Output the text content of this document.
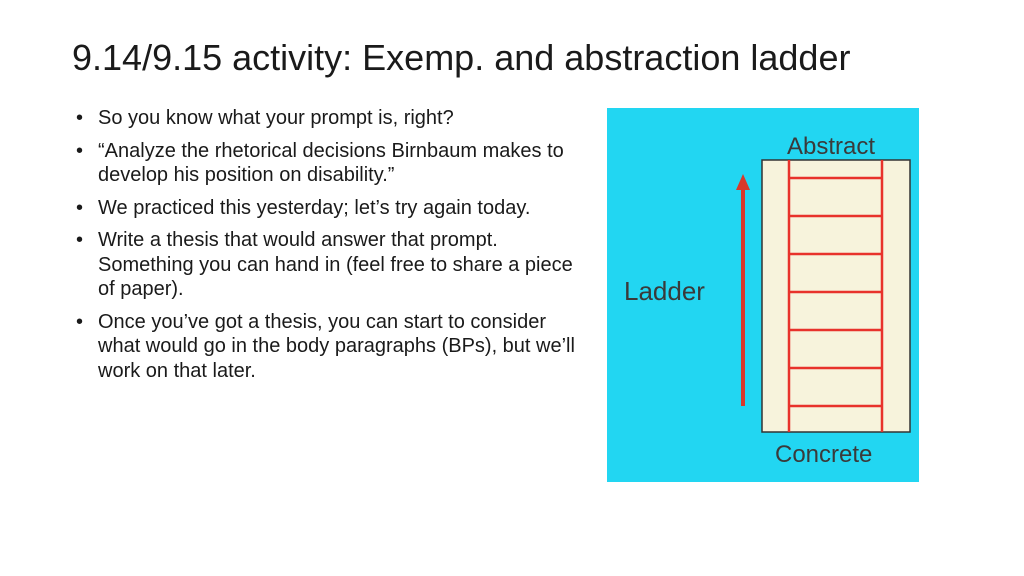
9.14/9.15 activity: Exemp. and abstraction ladder
• So you know what your prompt is, right?
• “Analyze the rhetorical decisions Birnbaum makes to develop his position on disability.”
• We practiced this yesterday; let’s try again today.
• Write a thesis that would answer that prompt. Something you can hand in (feel free to share a piece of paper).
• Once you’ve got a thesis, you can start to consider what would go in the body paragraphs (BPs), but we’ll work on that later.
Abstract
Concrete
Ladder
